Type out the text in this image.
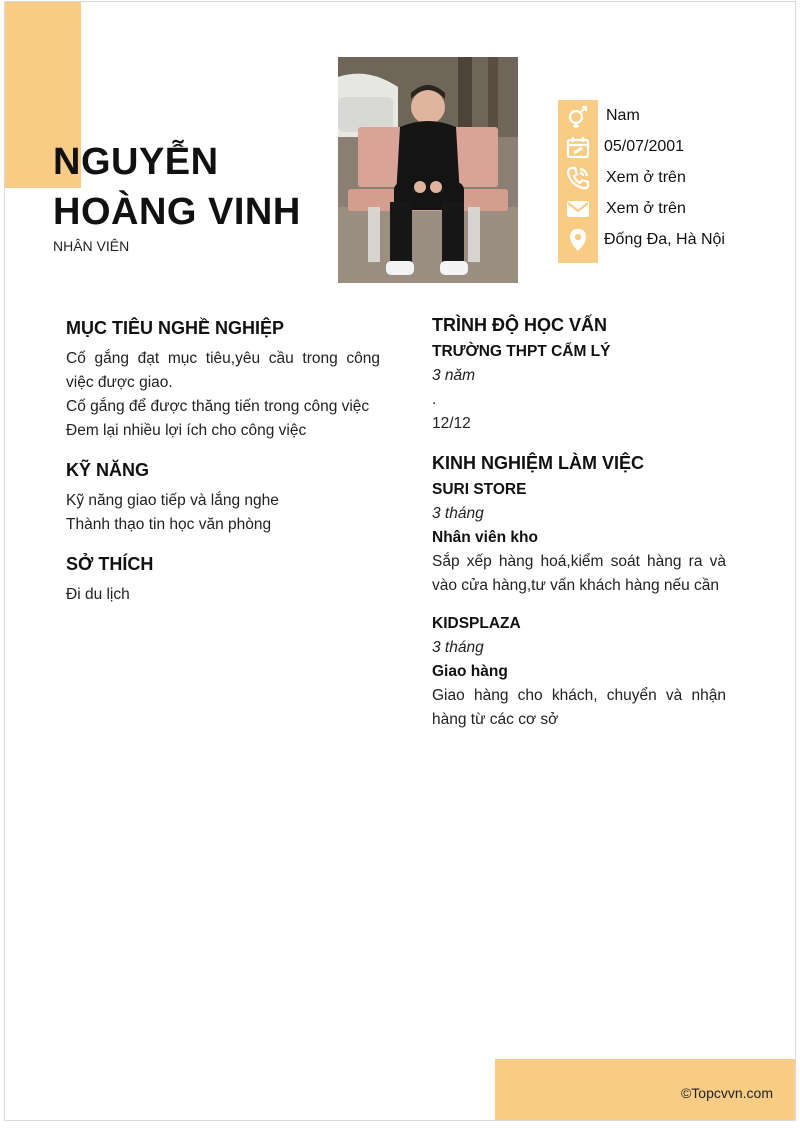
NGUYỄN
HOÀNG VINH
NHÂN VIÊN
Nam
05/07/2001
Xem ở trên
Xem ở trên
Đống Đa, Hà Nội
MỤC TIÊU NGHỀ NGHIỆP

Cố gắng đạt mục tiêu,yêu cầu trong công việc được giao.

Cố gắng để được thăng tiến trong công việc

Đem lại nhiều lợi ích cho công việc

KỸ NĂNG

Kỹ năng giao tiếp và lắng nghe

Thành thạo tin học văn phòng

SỞ THÍCH

Đi du lịch

TRÌNH ĐỘ HỌC VẤN

TRƯỜNG THPT CẨM LÝ

3 năm

.

12/12

KINH NGHIỆM LÀM VIỆC

SURI STORE

3 tháng

Nhân viên kho

Sắp xếp hàng hoá,kiểm soát hàng ra và vào cửa hàng,tư vấn khách hàng nếu cần

KIDSPLAZA

3 tháng

Giao hàng

Giao hàng cho khách, chuyển và nhận hàng từ các cơ sở

©Topcvvn.com
